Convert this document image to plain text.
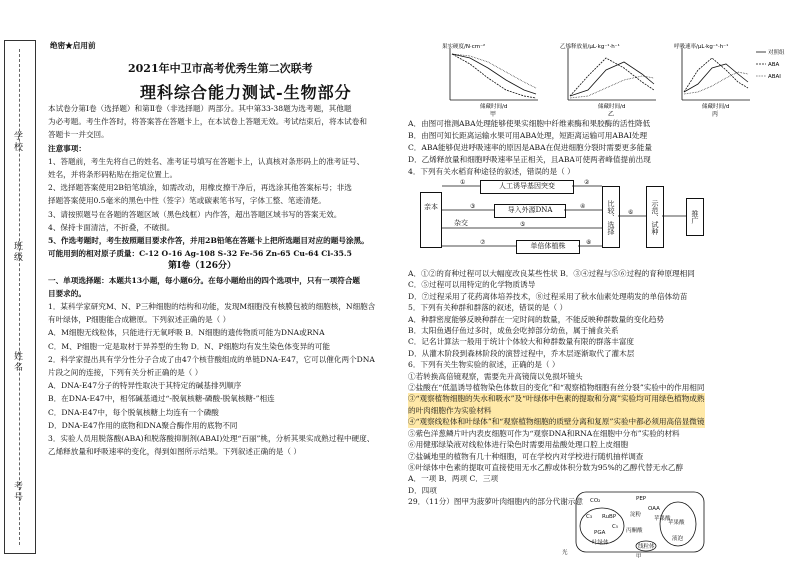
学校
班级
姓名
考号
绝密★启用前
2021年中卫市高考优秀生第二次联考
理科综合能力测试-生物部分
本试卷分第Ⅰ卷（选择题）和第Ⅱ卷（非选择题）两部分。其中第33-38题为选考题，其他题
为必考题。考生作答时，将答案答在答题卡上，在本试卷上答题无效。考试结束后，将本试卷和
答题卡一并交回。
注意事项：
1、答题前，考生先将自己的姓名、准考证号填写在答题卡上，认真核对条形码上的准考证号、
姓名，并将条形码粘贴在指定位置上。
2、选择题答案使用2B铅笔填涂，如需改动，用橡皮擦干净后，再选涂其他答案标号；非选
择题答案使用0.5毫米的黑色中性（签字）笔或碳素笔书写，字体工整、笔迹清楚。
3、请按照题号在各题的答题区域（黑色线框）内作答，超出答题区域书写的答案无效。
4、保持卡面清洁，不折叠，不破损。
5、作选考题时，考生按照题目要求作答，并用2B铅笔在答题卡上把所选题目对应的题号涂黑。
可能用到的相对原子质量：C-12 O-16 Ag-108 S-32 Fe-56 Zn-65 Cu-64 Cl-35.5
第Ⅰ卷（126分）
一、单项选择题：本题共13小题，每小题6分。在每小题给出的四个选项中，只有一项符合题
目要求的。
1．某科学家研究M、N、P三种细胞的结构和功能，发现M细胞没有核膜包被的细胞核，N细胞含
有叶绿体，P细胞能合成糖原。下列叙述正确的是（ ）
A．M细胞无线粒体，只能进行无氧呼吸 B．N细胞的遗传物质可能为DNA或RNA
C．M、P细胞一定是取材于异养型的生物 D．N、P细胞均有发生染色体变异的可能
2．科学家提出具有学分性分子合成了由47个核苷酸组成的单链DNA-E47，它可以催化两个DNA
片段之间的连接，下列有关分析正确的是（ ）
A．DNA-E47分子的特异性取决于其特定的碱基排列顺序
B．在DNA-E47中，相邻碱基通过“-脱氧核糖-磷酸-脱氧核糖-”相连
C．DNA-E47中，每个脱氧核糖上均连有一个磷酸
D．DNA-E47作用的底物和DNA聚合酶作用的底物不同
3．实验人员用脱落酸(ABA)和脱落酸抑制剂(ABAI)处理“百丽”桃，分析其果实成熟过程中硬度、
乙烯释放量和呼吸速率的变化，得到如图所示结果。下列叙述正确的是（ ）
果实硬度/N·cm⁻²
储藏时间/d
甲
乙烯释放量/μL·kg⁻¹·h⁻¹
储藏时间/d
乙
呼吸速率/μL·kg⁻¹·h⁻¹
储藏时间/d
丙
对照组
ABA
ABAI
A．由图可推测ABA处理能够使果实细胞中纤维素酶和果胶酶的活性降低
B．由图可知长距离运输水果可用ABA处理，短距离运输可用ABAI处理
C．ABA能够促进呼吸速率的原因是ABA在促进细胞分裂时需要更多能量
D．乙烯释放量和细胞呼吸速率呈正相关，且ABA可使两者峰值提前出现
4．下列有关水稻育种途径的叙述，错误的是（ ）
亲本
人工诱导基因突变
导入外源DNA
杂交
单倍体植株
比较、选择	示范、试种	推广
①	②
③	④
⑤
⑦	⑧
⑥
A．①②的育种过程可以大幅度改良某些性状 B．③④过程与⑤⑥过程的育种原理相同
C．⑤过程可以用特定的化学物质诱导
D．⑦过程采用了花药离体培养技术，⑧过程采用了秋水仙素处理萌发的单倍体幼苗
5．下列有关种群和群落的叙述，错误的是（ ）
A．种群密度能够反映种群在一定时间的数量，不能反映种群数量的变化趋势
B．太阳鱼遇仔鱼过多时，成鱼会吃掉部分幼鱼，属于捕食关系
C．记名计算法一般用于统计个体较大和种群数量有限的群落丰富度
D．从灌木阶段到森林阶段的演替过程中，乔木层逐渐取代了灌木层
6．下列有关生物实验的叙述，正确的是（ ）
①若转换高倍镜观察，需要先升高镜筒以免损坏镜头
②盐酸在“低温诱导植物染色体数目的变化”和“观察植物细胞有丝分裂”实验中的作用相同
③“观察植物细胞的失水和吸水”及“叶绿体中色素的提取和分离”实验均可用绿色植物成熟
的叶肉细胞作为实验材料
④“观察线粒体和叶绿体”和“观察植物细胞的质壁分离和复原”实验中都必须用高倍显微镜
⑤紫色洋葱鳞片叶内表皮细胞可作为“观察DNA和RNA在细胞中分布”实验的材料
⑥用健那绿染液对线粒体进行染色时需要用盐酸处理口腔上皮细胞
⑦盐碱地里的植物有几十种细胞，可在学校内对学校进行随机抽样调查
⑧叶绿体中色素的提取可直接使用无水乙醇或体积分数为95%的乙醇代替无水乙醇
A．一项 B．两项 C．三项
D．四项
29．（11分）图甲为菠萝叶肉细胞内的部分代谢示意
光
CO₂	PEP
OAA
苹果酸
C₃ RuBP
C₅
PGA
叶绿体
丙酮酸
线粒体
淀粉
苹果酸
液泡
甲
